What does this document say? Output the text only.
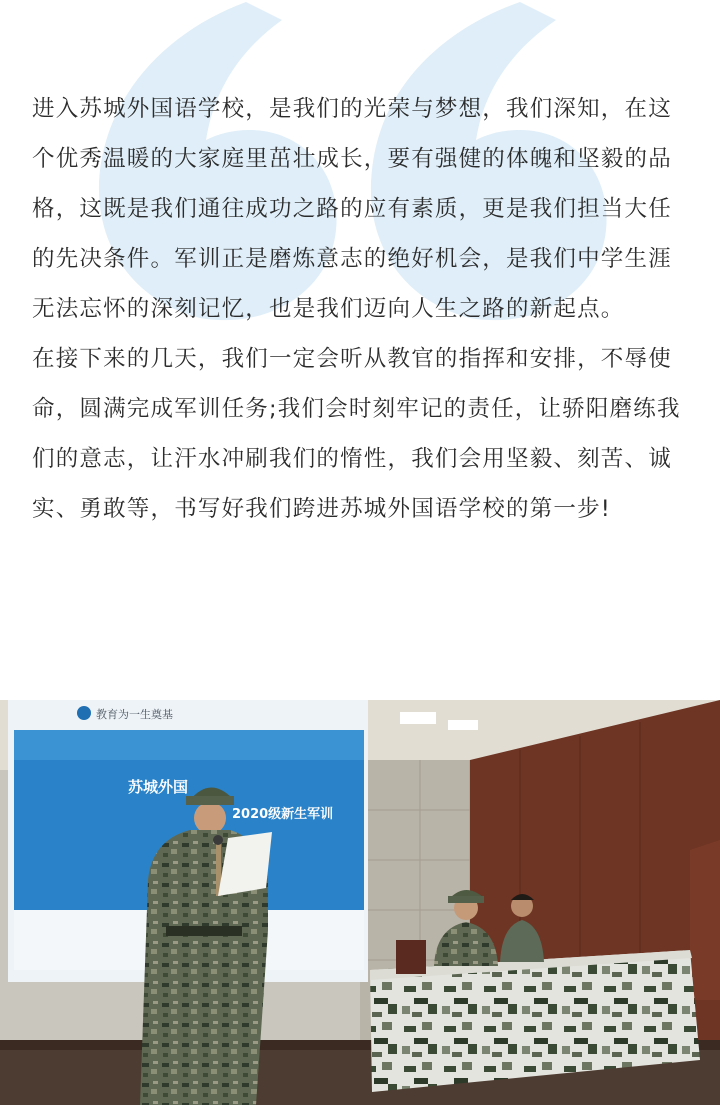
进入苏城外国语学校，是我们的光荣与梦想，我们深知，在这个优秀温暖的大家庭里茁壮成长，要有强健的体魄和坚毅的品格，这既是我们通往成功之路的应有素质，更是我们担当大任的先决条件。军训正是磨炼意志的绝好机会，是我们中学生涯无法忘怀的深刻记忆，也是我们迈向人生之路的新起点。

在接下来的几天，我们一定会听从教官的指挥和安排，不辱使命，圆满完成军训任务;我们会时刻牢记的责任，让骄阳磨练我们的意志，让汗水冲刷我们的惰性，我们会用坚毅、刻苦、诚实、勇敢等，书写好我们跨进苏城外国语学校的第一步!

教育为一生奠基
苏城外国
2020级新生军训
